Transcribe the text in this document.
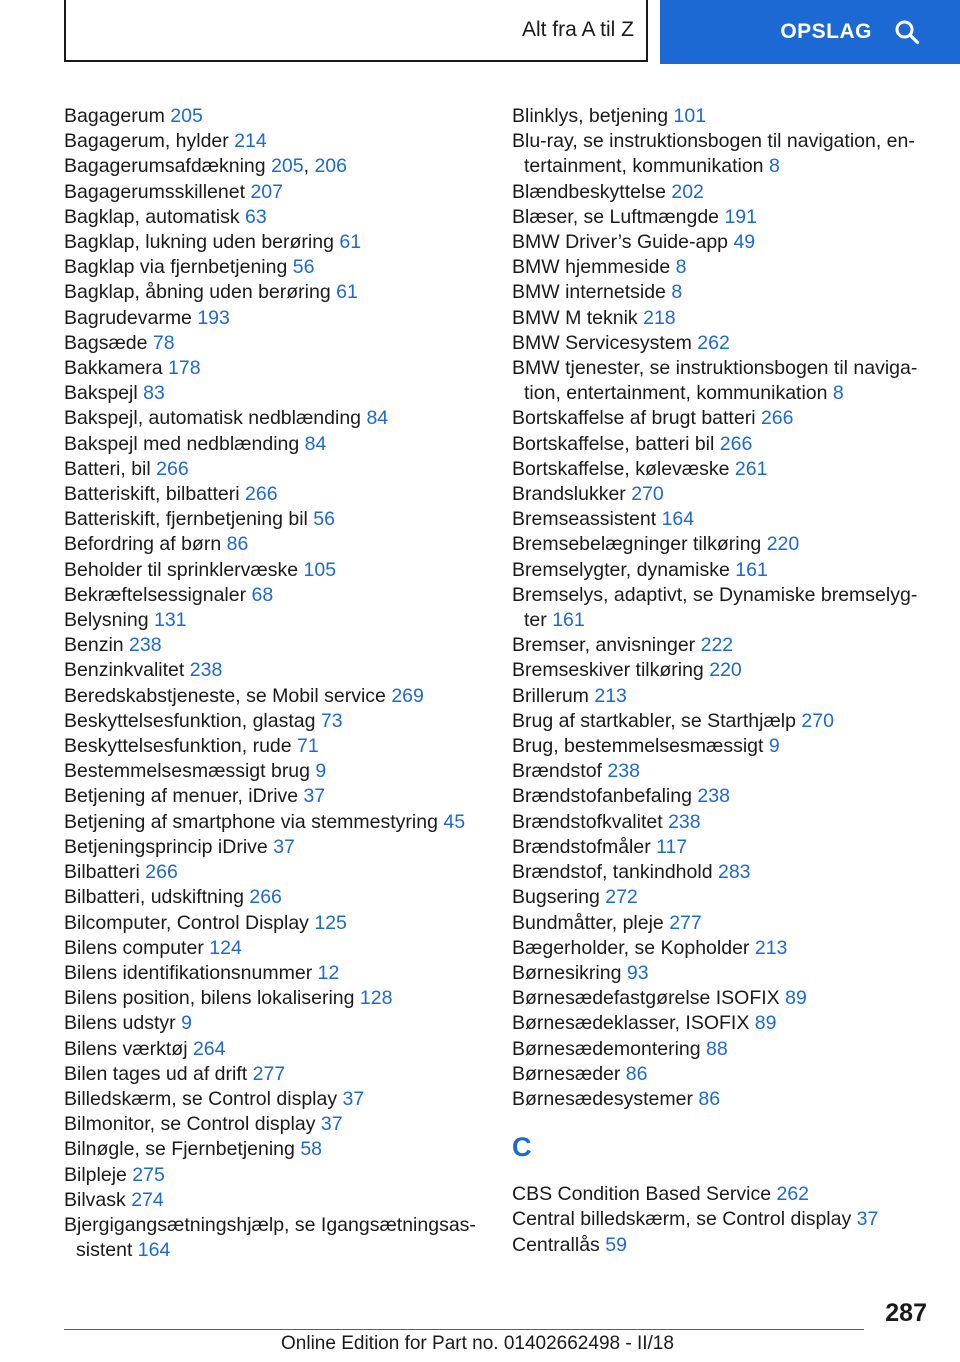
Alt fra A til Z	OPSLAG
Bagagerum 205
Bagagerum, hylder 214
Bagagerumsafdækning 205, 206
Bagagerumsskillenet 207
Bagklap, automatisk 63
Bagklap, lukning uden berøring 61
Bagklap via fjernbetjening 56
Bagklap, åbning uden berøring 61
Bagrudevarme 193
Bagsæde 78
Bakkamera 178
Bakspejl 83
Bakspejl, automatisk nedblænding 84
Bakspejl med nedblænding 84
Batteri, bil 266
Batteriskift, bilbatteri 266
Batteriskift, fjernbetjening bil 56
Befordring af børn 86
Beholder til sprinklervæske 105
Bekræftelsessignaler 68
Belysning 131
Benzin 238
Benzinkvalitet 238
Beredskabstjeneste, se Mobil service 269
Beskyttelsesfunktion, glastag 73
Beskyttelsesfunktion, rude 71
Bestemmelsesmæssigt brug 9
Betjening af menuer, iDrive 37
Betjening af smartphone via stemmestyring 45
Betjeningsprincip iDrive 37
Bilbatteri 266
Bilbatteri, udskiftning 266
Bilcomputer, Control Display 125
Bilens computer 124
Bilens identifikationsnummer 12
Bilens position, bilens lokalisering 128
Bilens udstyr 9
Bilens værktøj 264
Bilen tages ud af drift 277
Billedskærm, se Control display 37
Bilmonitor, se Control display 37
Bilnøgle, se Fjernbetjening 58
Bilpleje 275
Bilvask 274
Bjergigangsætningshjælp, se Igangsætningsassistent 164
Blinklys, betjening 101
Blu-ray, se instruktionsbogen til navigation, entertainment, kommunikation 8
Blændbeskyttelse 202
Blæser, se Luftmængde 191
BMW Driver’s Guide-app 49
BMW hjemmeside 8
BMW internetside 8
BMW M teknik 218
BMW Servicesystem 262
BMW tjenester, se instruktionsbogen til navigation, entertainment, kommunikation 8
Bortskaffelse af brugt batteri 266
Bortskaffelse, batteri bil 266
Bortskaffelse, kølevæske 261
Brandslukker 270
Bremseassistent 164
Bremsebelægninger tilkøring 220
Bremselygter, dynamiske 161
Bremselys, adaptivt, se Dynamiske bremselygter 161
Bremser, anvisninger 222
Bremseskiver tilkøring 220
Brillerum 213
Brug af startkabler, se Starthjælp 270
Brug, bestemmelsesmæssigt 9
Brændstof 238
Brændstofanbefaling 238
Brændstofkvalitet 238
Brændstofmåler 117
Brændstof, tankindhold 283
Bugsering 272
Bundmåtter, pleje 277
Bægerholder, se Kopholder 213
Børnesikring 93
Børnesædefastgørelse ISOFIX 89
Børnesædeklasser, ISOFIX 89
Børnesædemontering 88
Børnesæder 86
Børnesædesystemer 86
C
CBS Condition Based Service 262
Central billedskærm, se Control display 37
Centrallås 59
287
Online Edition for Part no. 01402662498 - II/18
